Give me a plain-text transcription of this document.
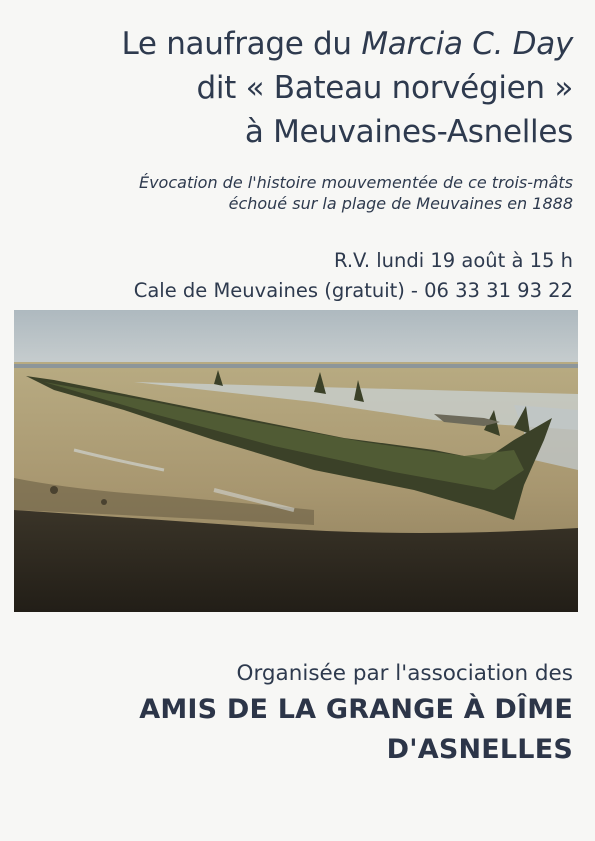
Le naufrage du Marcia C. Day
dit « Bateau norvégien »
à Meuvaines-Asnelles
Évocation de l'histoire mouvementée de ce trois-mâts
échoué sur la plage de Meuvaines en 1888
R.V. lundi 19 août à 15 h
Cale de Meuvaines (gratuit) - 06 33 31 93 22
Organisée par l'association des
AMIS DE LA GRANGE À DÎME
D'ASNELLES
